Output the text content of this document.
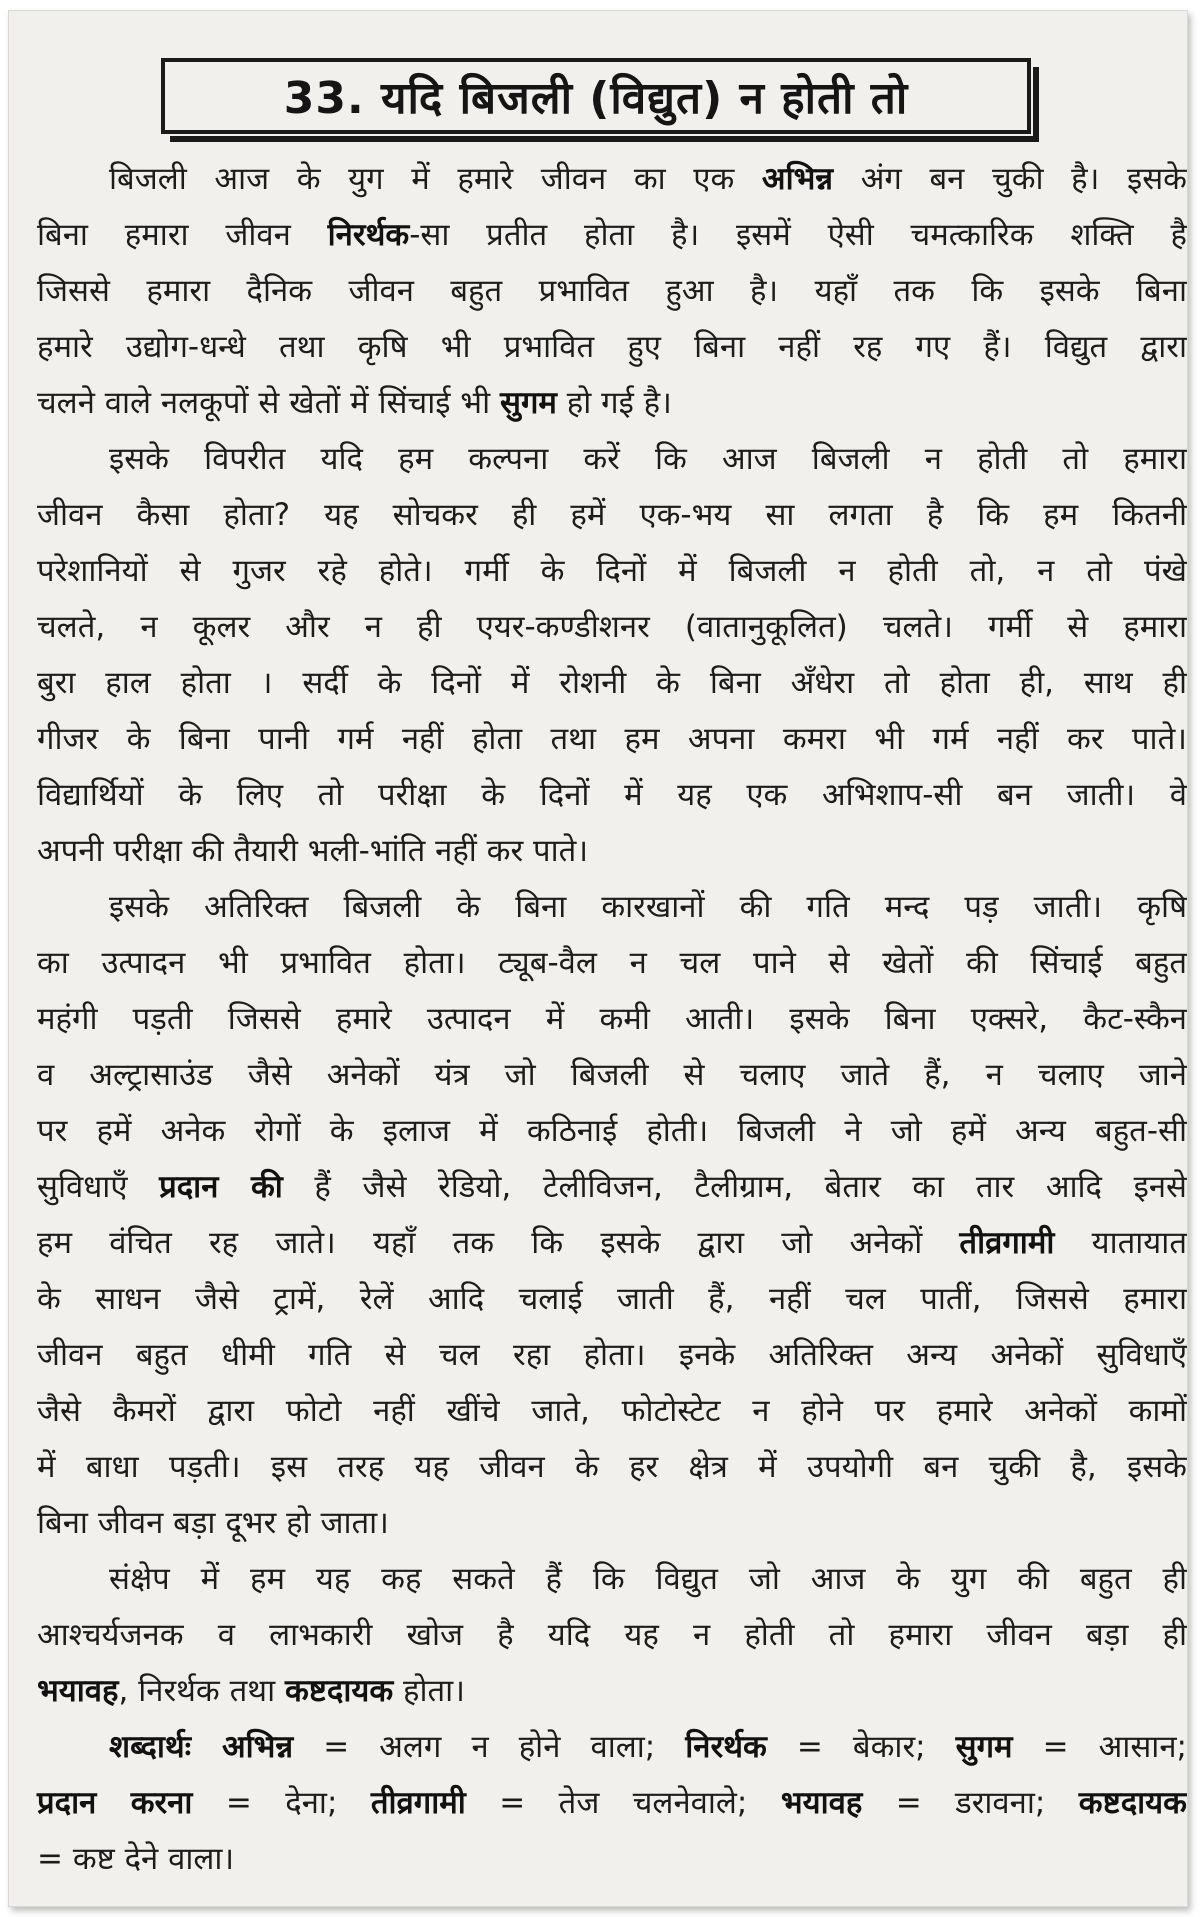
33. यदि बिजली (विद्युत) न होती तो
बिजली आज के युग में हमारे जीवन का एक अभिन्न अंग बन चुकी है। इसके
बिना हमारा जीवन निरर्थक-सा प्रतीत होता है। इसमें ऐसी चमत्कारिक शक्ति है
जिससे हमारा दैनिक जीवन बहुत प्रभावित हुआ है। यहाँ तक कि इसके बिना
हमारे उद्योग-धन्धे तथा कृषि भी प्रभावित हुए बिना नहीं रह गए हैं। विद्युत द्वारा
चलने वाले नलकूपों से खेतों में सिंचाई भी सुगम हो गई है।
इसके विपरीत यदि हम कल्पना करें कि आज बिजली न होती तो हमारा
जीवन कैसा होता? यह सोचकर ही हमें एक-भय सा लगता है कि हम कितनी
परेशानियों से गुजर रहे होते। गर्मी के दिनों में बिजली न होती तो, न तो पंखे
चलते, न कूलर और न ही एयर-कण्डीशनर (वातानुकूलित) चलते। गर्मी से हमारा
बुरा हाल होता । सर्दी के दिनों में रोशनी के बिना अँधेरा तो होता ही, साथ ही
गीजर के बिना पानी गर्म नहीं होता तथा हम अपना कमरा भी गर्म नहीं कर पाते।
विद्यार्थियों के लिए तो परीक्षा के दिनों में यह एक अभिशाप-सी बन जाती। वे
अपनी परीक्षा की तैयारी भली-भांति नहीं कर पाते।
इसके अतिरिक्त बिजली के बिना कारखानों की गति मन्द पड़ जाती। कृषि
का उत्पादन भी प्रभावित होता। ट्यूब-वैल न चल पाने से खेतों की सिंचाई बहुत
महंगी पड़ती जिससे हमारे उत्पादन में कमी आती। इसके बिना एक्सरे, कैट-स्कैन
व अल्ट्रासाउंड जैसे अनेकों यंत्र जो बिजली से चलाए जाते हैं, न चलाए जाने
पर हमें अनेक रोगों के इलाज में कठिनाई होती। बिजली ने जो हमें अन्य बहुत-सी
सुविधाएँ प्रदान की हैं जैसे रेडियो, टेलीविजन, टैलीग्राम, बेतार का तार आदि इनसे
हम वंचित रह जाते। यहाँ तक कि इसके द्वारा जो अनेकों तीव्रगामी यातायात
के साधन जैसे ट्रामें, रेलें आदि चलाई जाती हैं, नहीं चल पातीं, जिससे हमारा
जीवन बहुत धीमी गति से चल रहा होता। इनके अतिरिक्त अन्य अनेकों सुविधाएँ
जैसे कैमरों द्वारा फोटो नहीं खींचे जाते, फोटोस्टेट न होने पर हमारे अनेकों कामों
में बाधा पड़ती। इस तरह यह जीवन के हर क्षेत्र में उपयोगी बन चुकी है, इसके
बिना जीवन बड़ा दूभर हो जाता।
संक्षेप में हम यह कह सकते हैं कि विद्युत जो आज के युग की बहुत ही
आश्चर्यजनक व लाभकारी खोज है यदि यह न होती तो हमारा जीवन बड़ा ही
भयावह, निरर्थक तथा कष्टदायक होता।
शब्दार्थः अभिन्न = अलग न होने वाला; निरर्थक = बेकार; सुगम = आसान;
प्रदान करना = देना; तीव्रगामी = तेज चलनेवाले; भयावह = डरावना; कष्टदायक
= कष्ट देने वाला।
